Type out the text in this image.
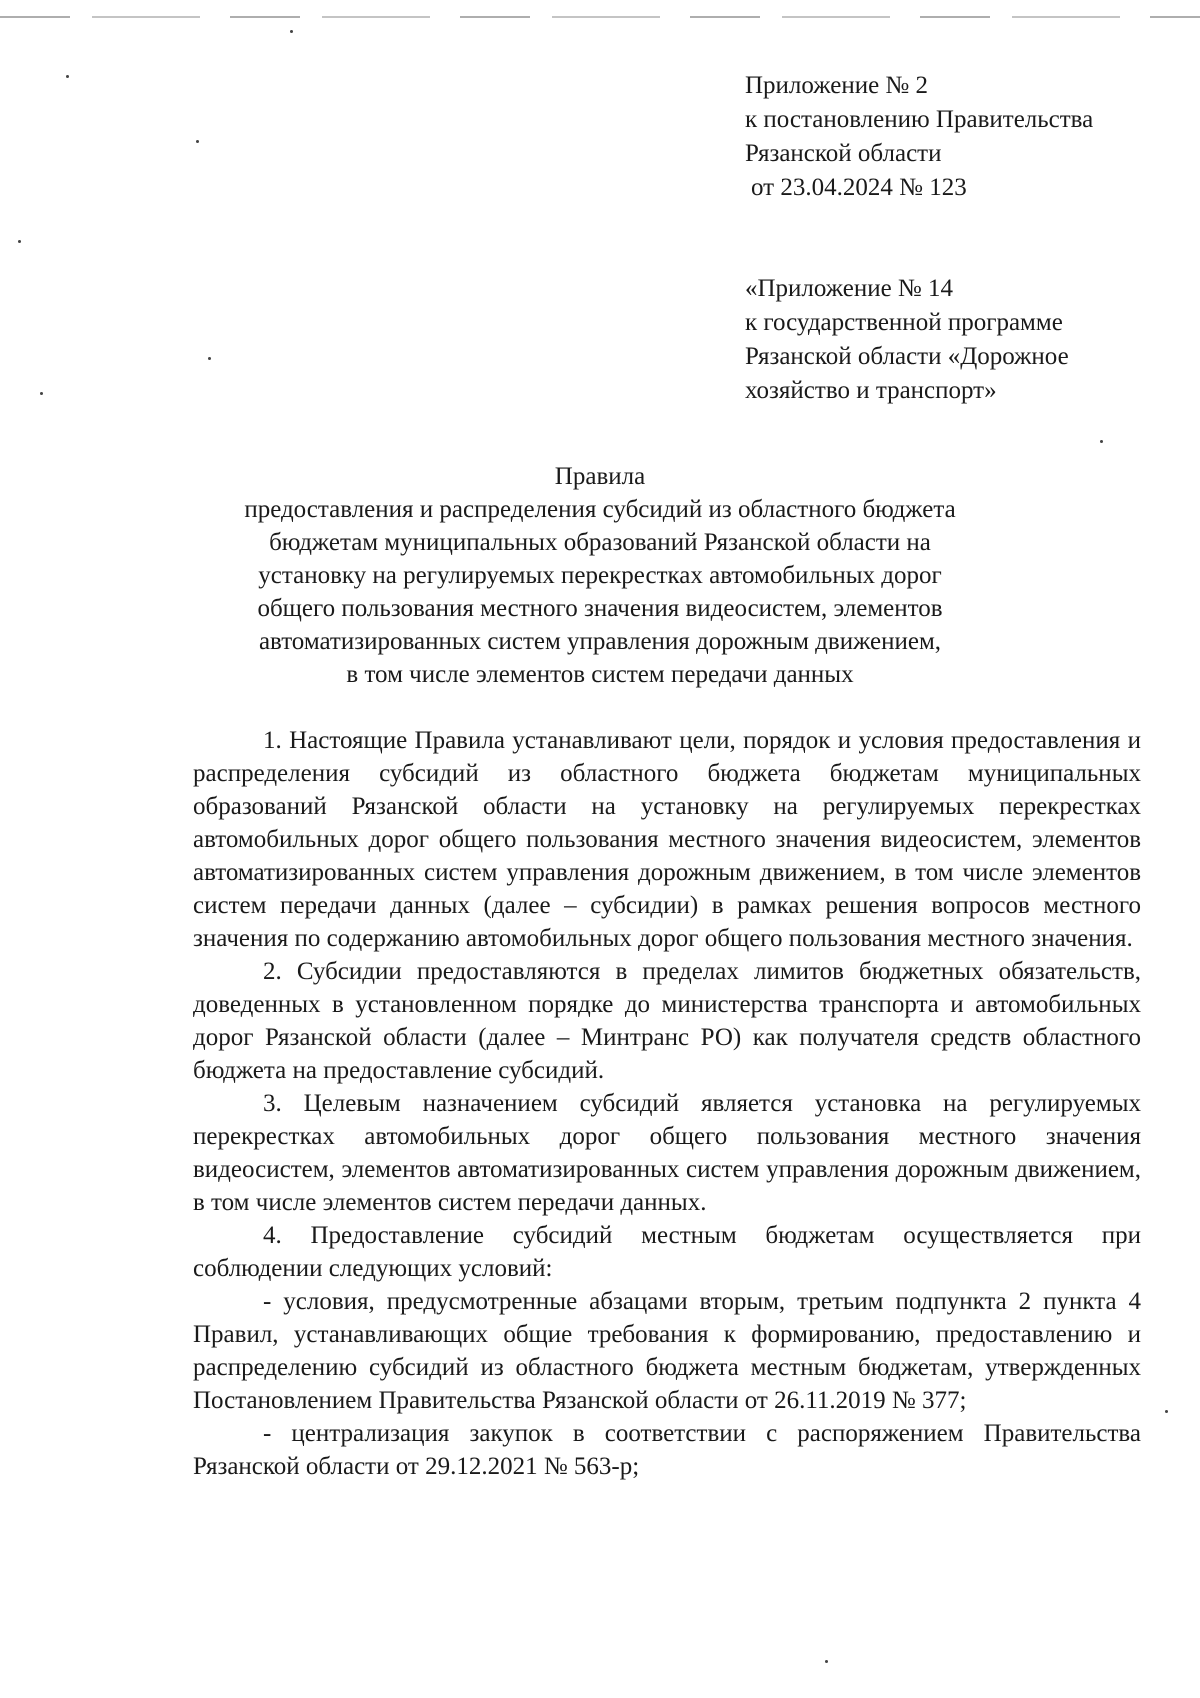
Приложение № 2
к постановлению Правительства
Рязанской области
от 23.04.2024 № 123
«Приложение № 14
к государственной программе
Рязанской области «Дорожное
хозяйство и транспорт»
Правила
предоставления и распределения субсидий из областного бюджета
бюджетам муниципальных образований Рязанской области на
установку на регулируемых перекрестках автомобильных дорог
общего пользования местного значения видеосистем, элементов
автоматизированных систем управления дорожным движением,
в том числе элементов систем передачи данных

1. Настоящие Правила устанавливают цели, порядок и условия предоставления и распределения субсидий из областного бюджета бюджетам муниципальных образований Рязанской области на установку на регулируемых перекрестках автомобильных дорог общего пользования местного значения видеосистем, элементов автоматизированных систем управления дорожным движением, в том числе элементов систем передачи данных (далее – субсидии) в рамках решения вопросов местного значения по содержанию автомобильных дорог общего пользования местного значения.

2. Субсидии предоставляются в пределах лимитов бюджетных обязательств, доведенных в установленном порядке до министерства транспорта и автомобильных дорог Рязанской области (далее – Минтранс РО) как получателя средств областного бюджета на предоставление субсидий.

3. Целевым назначением субсидий является установка на регулируемых перекрестках автомобильных дорог общего пользования местного значения видеосистем, элементов автоматизированных систем управления дорожным движением, в том числе элементов систем передачи данных.

4. Предоставление субсидий местным бюджетам осуществляется при соблюдении следующих условий:

- условия, предусмотренные абзацами вторым, третьим подпункта 2 пункта 4 Правил, устанавливающих общие требования к формированию, предоставлению и распределению субсидий из областного бюджета местным бюджетам, утвержденных Постановлением Правительства Рязанской области от 26.11.2019 № 377;

- централизация закупок в соответствии с распоряжением Правительства Рязанской области от 29.12.2021 № 563-р;
